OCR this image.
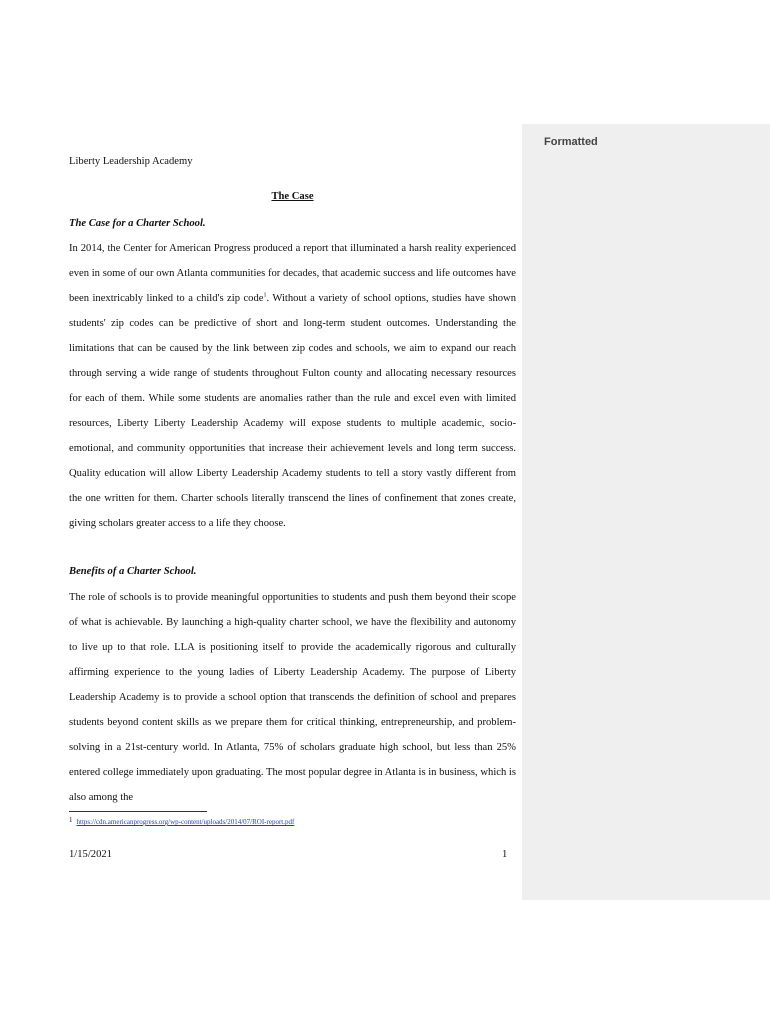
Liberty Leadership Academy
The Case
The Case for a Charter School.

In 2014, the Center for American Progress produced a report that illuminated a harsh reality experienced even in some of our own Atlanta communities for decades, that academic success and life outcomes have been inextricably linked to a child's zip code$^1$. Without a variety of school options, studies have shown students' zip codes can be predictive of short and long-term student outcomes. Understanding the limitations that can be caused by the link between zip codes and schools, we aim to expand our reach through serving a wide range of students throughout Fulton county and allocating necessary resources for each of them. While some students are anomalies rather than the rule and excel even with limited resources, Liberty Liberty Leadership Academy will expose students to multiple academic, socio-emotional, and community opportunities that increase their achievement levels and long term success. Quality education will allow Liberty Leadership Academy students to tell a story vastly different from the one written for them. Charter schools literally transcend the lines of confinement that zones create, giving scholars greater access to a life they choose.

Benefits of a Charter School.

The role of schools is to provide meaningful opportunities to students and push them beyond their scope of what is achievable. By launching a high-quality charter school, we have the flexibility and autonomy to live up to that role. LLA is positioning itself to provide the academically rigorous and culturally affirming experience to the young ladies of Liberty Leadership Academy. The purpose of Liberty Leadership Academy is to provide a school option that transcends the definition of school and prepares students beyond content skills as we prepare them for critical thinking, entrepreneurship, and problem-solving in a 21st-century world. In Atlanta, 75% of scholars graduate high school, but less than 25% entered college immediately upon graduating. The most popular degree in Atlanta is in business, which is also among the

1 https://cdn.americanprogress.org/wp-content/uploads/2014/07/ROI-report.pdf
1/15/2021	1
Formatted
